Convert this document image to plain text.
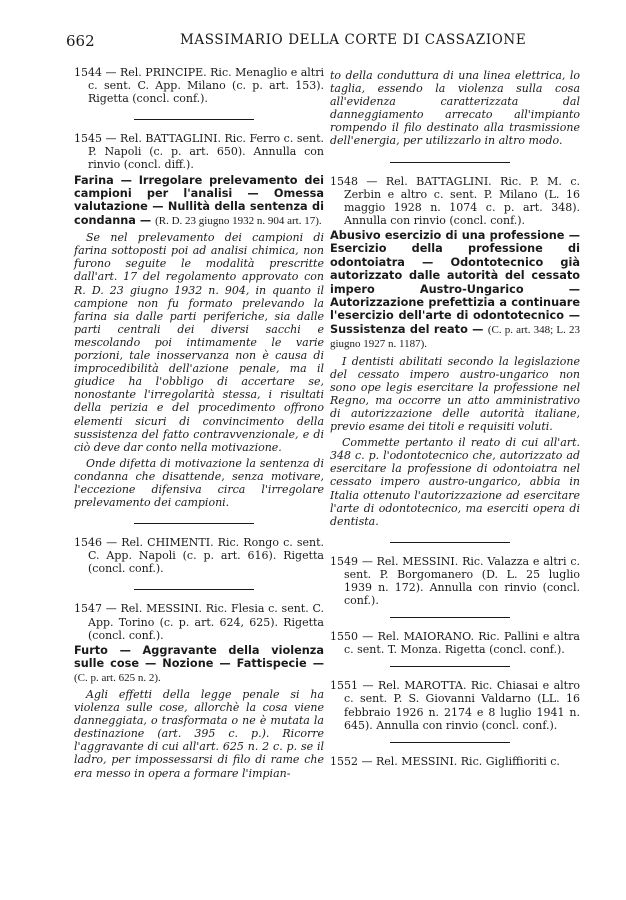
662	MASSIMARIO DELLA CORTE DI CASSAZIONE
1544 — Rel. PRINCIPE. Ric. Menaglio e altri c. sent. C. App. Milano (c. p. art. 153). Rigetta (concl. conf.).
1545 — Rel. BATTAGLINI. Ric. Ferro c. sent. P. Napoli (c. p. art. 650). Annulla con rinvio (concl. diff.).
Farina — Irregolare prelevamento dei campioni per l'analisi — Omessa valutazione — Nullità della sentenza di condanna — (R. D. 23 giugno 1932 n. 904 art. 17).
Se nel prelevamento dei campioni di farina sottoposti poi ad analisi chimica, non furono seguite le modalità prescritte dall'art. 17 del regolamento approvato con R. D. 23 giugno 1932 n. 904, in quanto il campione non fu formato prelevando la farina sia dalle parti periferiche, sia dalle parti centrali dei diversi sacchi e mescolando poi intimamente le varie porzioni, tale inosservanza non è causa di improcedibilità dell'azione penale, ma il giudice ha l'obbligo di accertare se, nonostante l'irregolarità stessa, i risultati della perizia e del procedimento offrono elementi sicuri di convincimento della sussistenza del fatto contravvenzionale, e di ciò deve dar conto nella motivazione.
Onde difetta di motivazione la sentenza di condanna che disattende, senza motivare, l'eccezione difensiva circa l'irregolare prelevamento dei campioni.
1546 — Rel. CHIMENTI. Ric. Rongo c. sent. C. App. Napoli (c. p. art. 616). Rigetta (concl. conf.).
1547 — Rel. MESSINI. Ric. Flesia c. sent. C. App. Torino (c. p. art. 624, 625). Rigetta (concl. conf.).
Furto — Aggravante della violenza sulle cose — Nozione — Fattispecie — (C. p. art. 625 n. 2).
Agli effetti della legge penale si ha violenza sulle cose, allorchè la cosa viene danneggiata, o trasformata o ne è mutata la destinazione (art. 395 c. p.). Ricorre l'aggravante di cui all'art. 625 n. 2 c. p. se il ladro, per impossessarsi di filo di rame che era messo in opera a formare l'impian-
to della conduttura di una linea elettrica, lo taglia, essendo la violenza sulla cosa all'evidenza caratterizzata dal danneggiamento arrecato all'impianto rompendo il filo destinato alla trasmissione dell'energia, per utilizzarlo in altro modo.
1548 — Rel. BATTAGLINI. Ric. P. M. c. Zerbin e altro c. sent. P. Milano (L. 16 maggio 1928 n. 1074 c. p. art. 348). Annulla con rinvio (concl. conf.).
Abusivo esercizio di una professione — Esercizio della professione di odontoiatra — Odontotecnico già autorizzato dalle autorità del cessato impero Austro-Ungarico — Autorizzazione prefettizia a continuare l'esercizio dell'arte di odontotecnico — Sussistenza del reato — (C. p. art. 348; L. 23 giugno 1927 n. 1187).
I dentisti abilitati secondo la legislazione del cessato impero austro-ungarico non sono ope legis esercitare la professione nel Regno, ma occorre un atto amministrativo di autorizzazione delle autorità italiane, previo esame dei titoli e requisiti voluti.
Commette pertanto il reato di cui all'art. 348 c. p. l'odontotecnico che, autorizzato ad esercitare la professione di odontoiatra nel cessato impero austro-ungarico, abbia in Italia ottenuto l'autorizzazione ad esercitare l'arte di odontotecnico, ma eserciti opera di dentista.
1549 — Rel. MESSINI. Ric. Valazza e altri c. sent. P. Borgomanero (D. L. 25 luglio 1939 n. 172). Annulla con rinvio (concl. conf.).
1550 — Rel. MAIORANO. Ric. Pallini e altra c. sent. T. Monza. Rigetta (concl. conf.).
1551 — Rel. MAROTTA. Ric. Chiasai e altro c. sent. P. S. Giovanni Valdarno (LL. 16 febbraio 1926 n. 2174 e 8 luglio 1941 n. 645). Annulla con rinvio (concl. conf.).
1552 — Rel. MESSINI. Ric. Gigliffioriti c.
